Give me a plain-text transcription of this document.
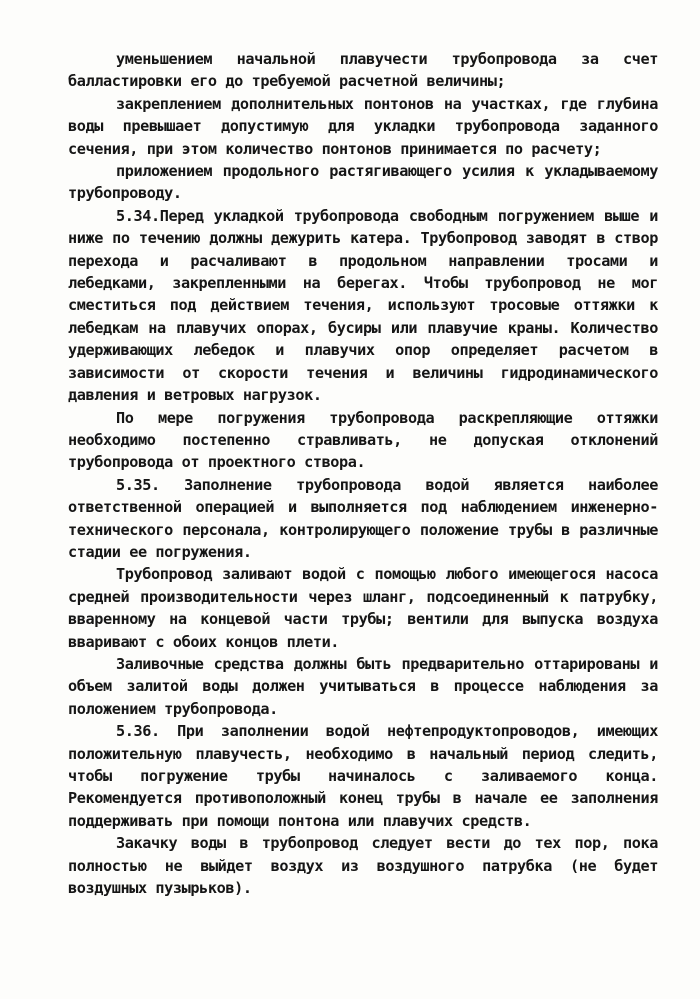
уменьшением начальной плавучести трубопровода за счет балластировки его до требуемой расчетной величины;

закреплением дополнительных понтонов на участках, где глубина воды превышает допустимую для укладки трубопровода заданного сечения, при этом количество понтонов принимается по расчету;

приложением продольного растягивающего усилия к укладываемому трубопроводу.

5.34.Перед укладкой трубопровода свободным погружением выше и ниже по течению должны дежурить катера. Трубопровод заводят в створ перехода и расчаливают в продольном направлении тросами и лебедками, закрепленными на берегах. Чтобы трубопровод не мог сместиться под действием течения, используют тросовые оттяжки к лебедкам на плавучих опорах, бусиры или плавучие краны. Количество удерживающих лебедок и плавучих опор определяет расчетом в зависимости от скорости течения и величины гидродинамического давления и ветровых нагрузок.

По мере погружения трубопровода раскрепляющие оттяжки необходимо постепенно стравливать, не допуская отклонений трубопровода от проектного створа.

5.35. Заполнение трубопровода водой является наиболее ответственной операцией и выполняется под наблюдением инженерно-технического персонала, контролирующего положение трубы в различные стадии ее погружения.

Трубопровод заливают водой с помощью любого имеющегося насоса средней производительности через шланг, подсоединенный к патрубку, вваренному на концевой части трубы; вентили для выпуска воздуха вваривают с обоих концов плети.

Заливочные средства должны быть предварительно оттарированы и объем залитой воды должен учитываться в процессе наблюдения за положением трубопровода.

5.36. При заполнении водой нефтепродуктопроводов, имеющих положительную плавучесть, необходимо в начальный период следить, чтобы погружение трубы начиналось с заливаемого конца. Рекомендуется противоположный конец трубы в начале ее заполнения поддерживать при помощи понтона или плавучих средств.

Закачку воды в трубопровод следует вести до тех пор, пока полностью не выйдет воздух из воздушного патрубка (не будет воздушных пузырьков).
